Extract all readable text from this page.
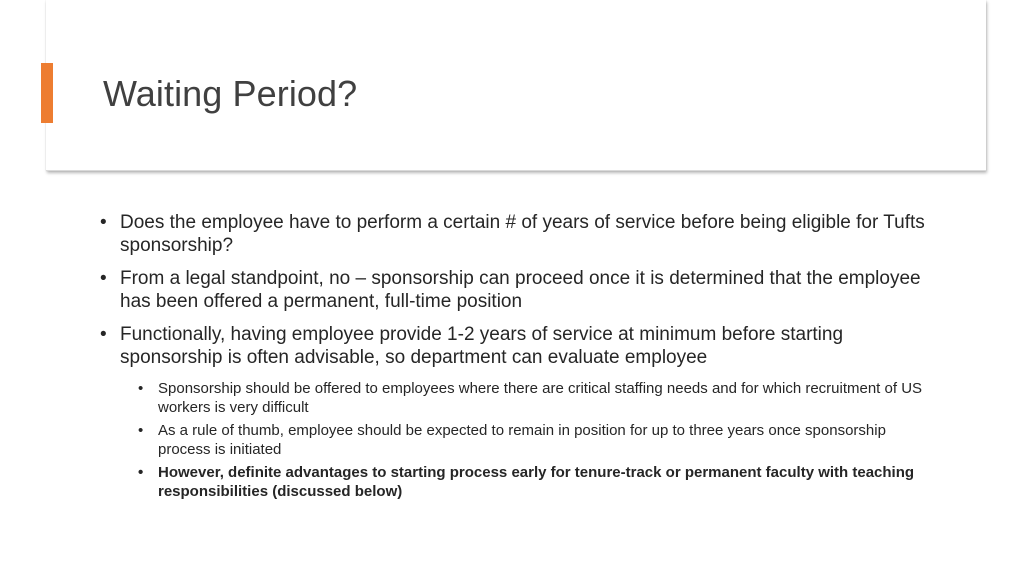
Waiting Period?
• Does the employee have to perform a certain # of years of service before being eligible for Tufts sponsorship?
• From a legal standpoint, no – sponsorship can proceed once it is determined that the employee has been offered a permanent, full-time position
• Functionally, having employee provide 1-2 years of service at minimum before starting sponsorship is often advisable, so department can evaluate employee
• Sponsorship should be offered to employees where there are critical staffing needs and for which recruitment of US workers is very difficult
• As a rule of thumb, employee should be expected to remain in position for up to three years once sponsorship process is initiated
• However, definite advantages to starting process early for tenure-track or permanent faculty with teaching responsibilities (discussed below)
